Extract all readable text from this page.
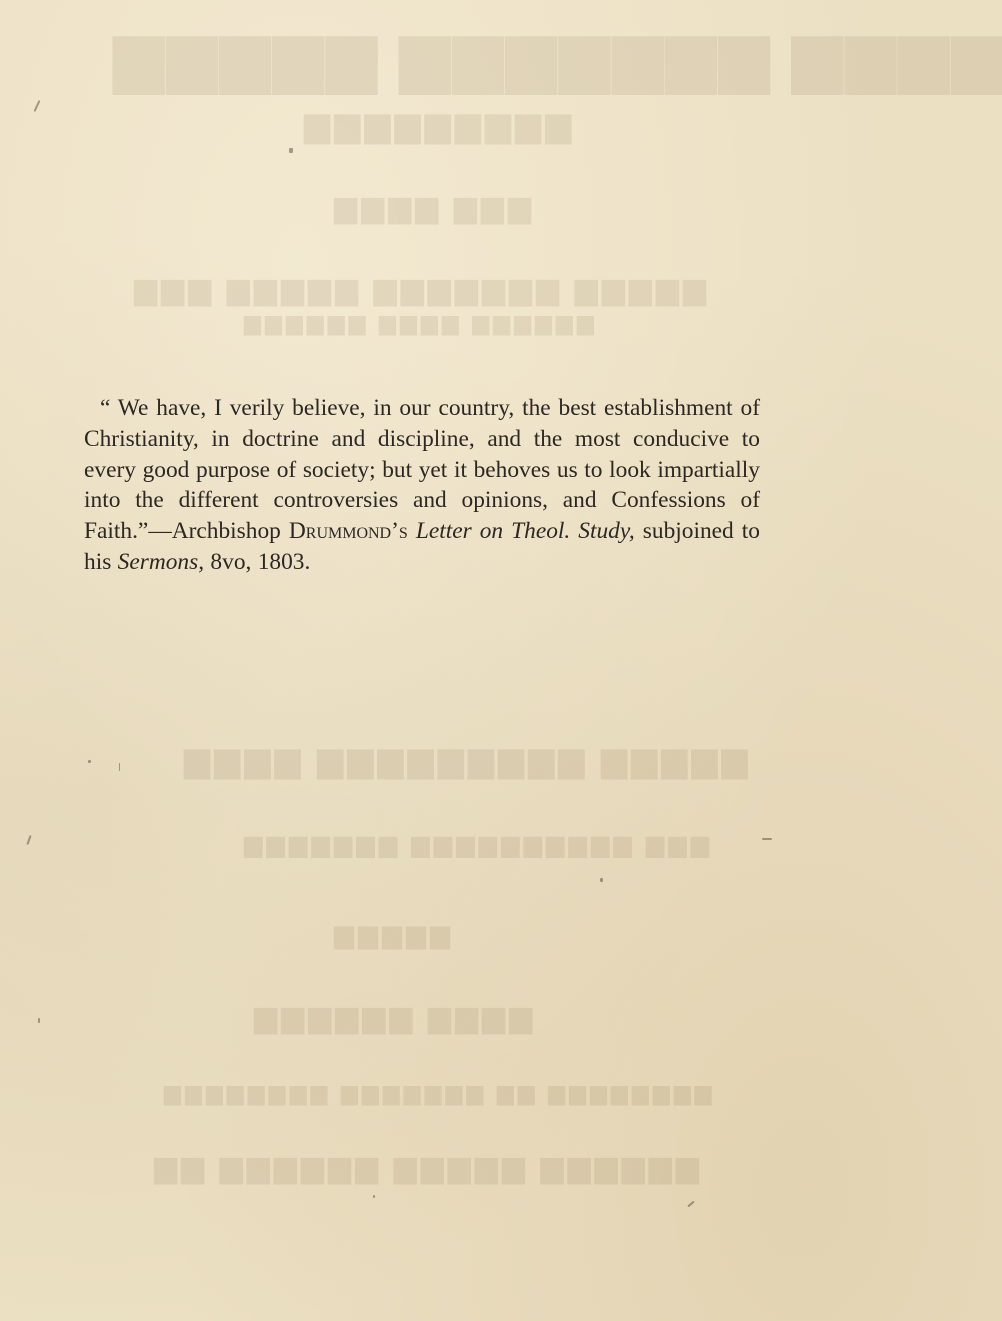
▆▆▆▆ ▆▆▆▆▆▆▆ ▆▆▆▆▆
▆▆▆▆▆▆▆▆▆
▆▆▆ ▆▆▆▆
▆▆▆▆▆ ▆▆▆▆▆▆▆ ▆▆▆▆▆ ▆▆▆
▆▆▆▆▆▆ ▆▆▆▆ ▆▆▆▆▆▆
▆▆▆▆▆ ▆▆▆▆▆▆▆▆▆ ▆▆▆▆
▆▆▆ ▆▆▆▆▆▆▆▆▆▆ ▆▆▆▆▆▆▆
▆▆▆▆▆
▆▆▆▆ ▆▆▆▆▆▆
▆▆▆▆▆▆▆▆ ▆▆ ▆▆▆▆▆▆▆ ▆▆▆▆▆▆▆▆
▆▆▆▆▆▆ ▆▆▆▆▆ ▆▆▆▆▆▆ ▆▆

“ We have, I verily believe, in our country, the best establishment of Christianity, in doctrine and discipline, and the most conducive to every good purpose of society; but yet it behoves us to look impartially into the different controversies and opinions, and Confessions of Faith.”—Archbishop Drummond’s Letter on Theol. Study, subjoined to his Sermons, 8vo, 1803.
